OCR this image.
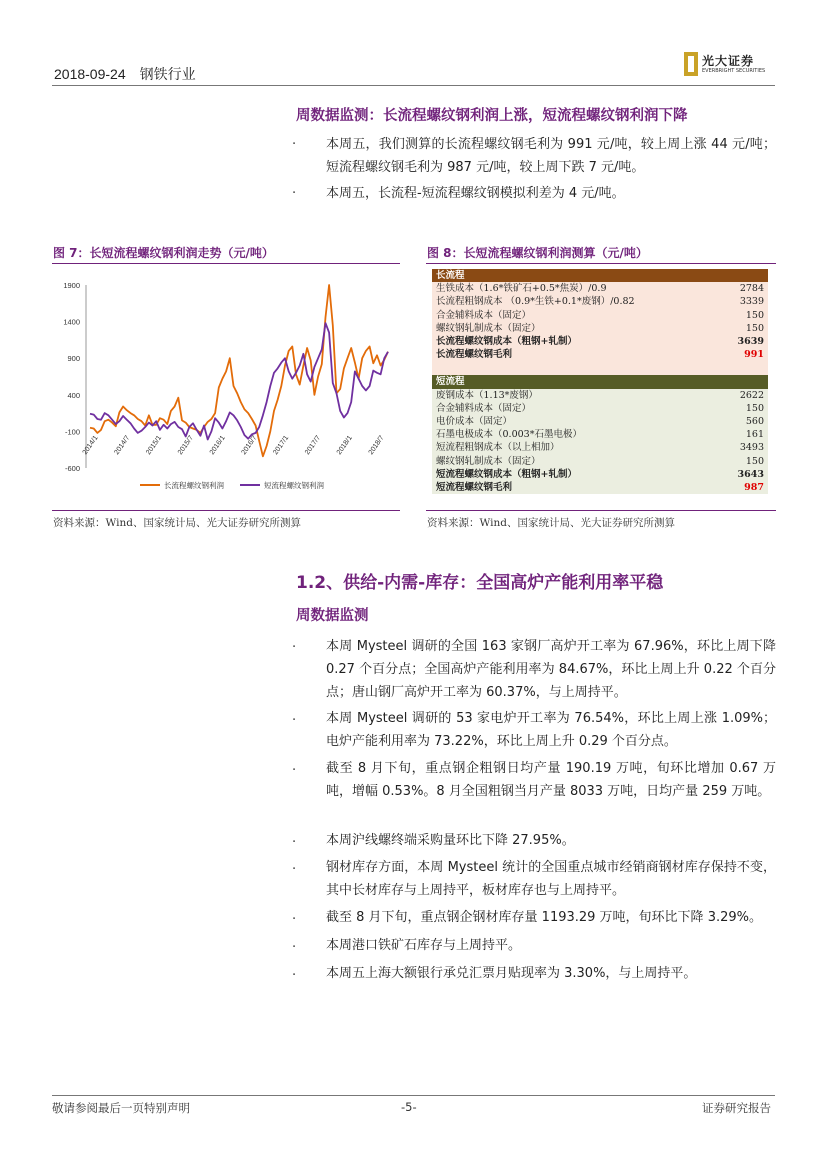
2018-09-24 钢铁行业
光大证券
EVERBRIGHT SECURITIES
周数据监测：长流程螺纹钢利润上涨，短流程螺纹钢利润下降
· 本周五，我们测算的长流程螺纹钢毛利为 991 元/吨，较上周上涨 44 元/吨；短流程螺纹钢毛利为 987 元/吨，较上周下跌 7 元/吨。
· 本周五，长流程-短流程螺纹钢模拟利差为 4 元/吨。
图 7：长短流程螺纹钢利润走势（元/吨）
1900
1400
900
400
-100
-600
2014/1 2014/7 2015/1 2015/7 2016/1 2016/7 2017/1 2017/7 2018/1 2018/7
长流程螺纹钢利润	短流程螺纹钢利润
资料来源：Wind、国家统计局、光大证券研究所测算
图 8：长短流程螺纹钢利润测算（元/吨）
长流程	
生铁成本（1.6*铁矿石+0.5*焦炭）/0.9	2784
长流程粗钢成本 （0.9*生铁+0.1*废钢）/0.82	3339
合金辅料成本（固定）	150
螺纹钢轧制成本（固定）	150
长流程螺纹钢成本（粗钢+轧制）	3639
长流程螺纹钢毛利	991

短流程	
废钢成本（1.13*废钢）	2622
合金辅料成本（固定）	150
电价成本（固定）	560
石墨电极成本（0.003*石墨电极）	161
短流程粗钢成本（以上相加）	3493
螺纹钢轧制成本（固定）	150
短流程螺纹钢成本（粗钢+轧制）	3643
短流程螺纹钢毛利	987
资料来源：Wind、国家统计局、光大证券研究所测算
1.2、供给-内需-库存：全国高炉产能利用率平稳
周数据监测
· 本周 Mysteel 调研的全国 163 家钢厂高炉开工率为 67.96%，环比上周下降 0.27 个百分点；全国高炉产能利用率为 84.67%，环比上周上升 0.22 个百分点；唐山钢厂高炉开工率为 60.37%，与上周持平。
· 本周 Mysteel 调研的 53 家电炉开工率为 76.54%，环比上周上涨 1.09%；电炉产能利用率为 73.22%，环比上周上升 0.29 个百分点。
· 截至 8 月下旬，重点钢企粗钢日均产量 190.19 万吨，旬环比增加 0.67 万吨，增幅 0.53%。8 月全国粗钢当月产量 8033 万吨，日均产量 259 万吨。
· 本周沪线螺终端采购量环比下降 27.95%。
· 钢材库存方面，本周 Mysteel 统计的全国重点城市经销商钢材库存保持不变，其中长材库存与上周持平，板材库存也与上周持平。
· 截至 8 月下旬，重点钢企钢材库存量 1193.29 万吨，旬环比下降 3.29%。
· 本周港口铁矿石库存与上周持平。
· 本周五上海大额银行承兑汇票月贴现率为 3.30%，与上周持平。
敬请参阅最后一页特别声明	-5-	证券研究报告
